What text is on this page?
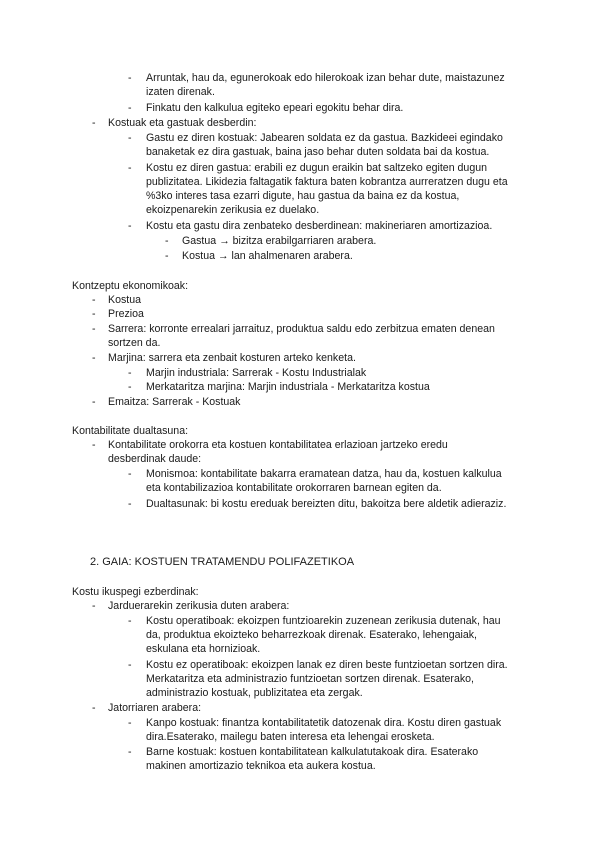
- Arruntak, hau da, egunerokoak edo hilerokoak izan behar dute, maistazunez
izaten direnak.
- Finkatu den kalkulua egiteko epeari egokitu behar dira.
- Kostuak eta gastuak desberdin:
- Gastu ez diren kostuak: Jabearen soldata ez da gastua. Bazkideei egindako
banaketak ez dira gastuak, baina jaso behar duten soldata bai da kostua.
- Kostu ez diren gastua: erabili ez dugun eraikin bat saltzeko egiten dugun
publizitatea. Likidezia faltagatik faktura baten kobrantza aurreratzen dugu eta
%3ko interes tasa ezarri digute, hau gastua da baina ez da kostua,
ekoizpenarekin zerikusia ez duelako.
- Kostu eta gastu dira zenbateko desberdinean: makineriaren amortizazioa.
- Gastua → bizitza erabilgarriaren arabera.
- Kostua → lan ahalmenaren arabera.
Kontzeptu ekonomikoak:
- Kostua
- Prezioa
- Sarrera: korronte errealari jarraituz, produktua saldu edo zerbitzua ematen denean
sortzen da.
- Marjina: sarrera eta zenbait kosturen arteko kenketa.
- Marjin industriala: Sarrerak - Kostu Industrialak
- Merkataritza marjina: Marjin industriala - Merkataritza kostua
- Emaitza: Sarrerak - Kostuak
Kontabilitate dualtasuna:
- Kontabilitate orokorra eta kostuen kontabilitatea erlazioan jartzeko eredu
desberdinak daude:
- Monismoa: kontabilitate bakarra eramatean datza, hau da, kostuen kalkulua
eta kontabilizazioa kontabilitate orokorraren barnean egiten da.
- Dualtasunak: bi kostu ereduak bereizten ditu, bakoitza bere aldetik adieraziz.
2. GAIA: KOSTUEN TRATAMENDU POLIFAZETIKOA
Kostu ikuspegi ezberdinak:
- Jarduerarekin zerikusia duten arabera:
- Kostu operatiboak: ekoizpen funtzioarekin zuzenean zerikusia dutenak, hau
da, produktua ekoizteko beharrezkoak direnak. Esaterako, lehengaiak,
eskulana eta hornizioak.
- Kostu ez operatiboak: ekoizpen lanak ez diren beste funtzioetan sortzen dira.
Merkataritza eta administrazio funtzioetan sortzen direnak. Esaterako,
administrazio kostuak, publizitatea eta zergak.
- Jatorriaren arabera:
- Kanpo kostuak: finantza kontabilitatetik datozenak dira. Kostu diren gastuak
dira.Esaterako, mailegu baten interesa eta lehengai erosketa.
- Barne kostuak: kostuen kontabilitatean kalkulatutakoak dira. Esaterako
makinen amortizazio teknikoa eta aukera kostua.
